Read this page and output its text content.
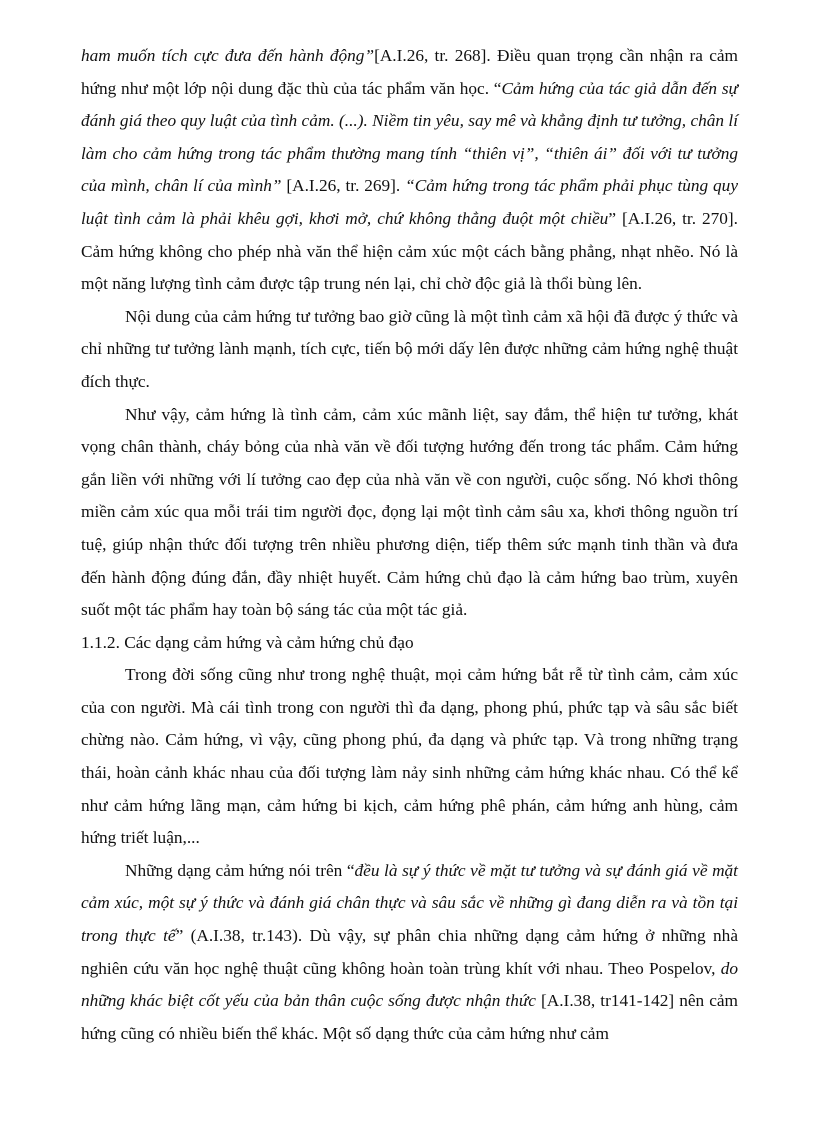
ham muốn tích cực đưa đến hành động”[A.I.26, tr. 268]. Điều quan trọng cần nhận ra cảm hứng như một lớp nội dung đặc thù của tác phẩm văn học. “Cảm hứng của tác giả dẫn đến sự đánh giá theo quy luật của tình cảm. (...). Niềm tin yêu, say mê và khẳng định tư tưởng, chân lí làm cho cảm hứng trong tác phẩm thường mang tính “thiên vị”, “thiên ái” đối với tư tưởng của mình, chân lí của mình” [A.I.26, tr. 269]. “Cảm hứng trong tác phẩm phải phục tùng quy luật tình cảm là phải khêu gợi, khơi mở, chứ không thẳng đuột một chiều” [A.I.26, tr. 270]. Cảm hứng không cho phép nhà văn thể hiện cảm xúc một cách bằng phẳng, nhạt nhẽo. Nó là một năng lượng tình cảm được tập trung nén lại, chỉ chờ độc giả là thổi bùng lên.

Nội dung của cảm hứng tư tưởng bao giờ cũng là một tình cảm xã hội đã được ý thức và chỉ những tư tưởng lành mạnh, tích cực, tiến bộ mới dấy lên được những cảm hứng nghệ thuật đích thực.

Như vậy, cảm hứng là tình cảm, cảm xúc mãnh liệt, say đắm, thể hiện tư tưởng, khát vọng chân thành, cháy bỏng của nhà văn về đối tượng hướng đến trong tác phẩm. Cảm hứng gắn liền với những với lí tưởng cao đẹp của nhà văn về con người, cuộc sống. Nó khơi thông miền cảm xúc qua mỗi trái tim người đọc, đọng lại một tình cảm sâu xa, khơi thông nguồn trí tuệ, giúp nhận thức đối tượng trên nhiều phương diện, tiếp thêm sức mạnh tinh thần và đưa đến hành động đúng đắn, đầy nhiệt huyết. Cảm hứng chủ đạo là cảm hứng bao trùm, xuyên suốt một tác phẩm hay toàn bộ sáng tác của một tác giả.

1.1.2. Các dạng cảm hứng và cảm hứng chủ đạo

Trong đời sống cũng như trong nghệ thuật, mọi cảm hứng bắt rễ từ tình cảm, cảm xúc của con người. Mà cái tình trong con người thì đa dạng, phong phú, phức tạp và sâu sắc biết chừng nào. Cảm hứng, vì vậy, cũng phong phú, đa dạng và phức tạp. Và trong những trạng thái, hoàn cảnh khác nhau của đối tượng làm nảy sinh những cảm hứng khác nhau. Có thể kể như cảm hứng lãng mạn, cảm hứng bi kịch, cảm hứng phê phán, cảm hứng anh hùng, cảm hứng triết luận,...

Những dạng cảm hứng nói trên “đều là sự ý thức về mặt tư tưởng và sự đánh giá về mặt cảm xúc, một sự ý thức và đánh giá chân thực và sâu sắc về những gì đang diễn ra và tồn tại trong thực tế” (A.I.38, tr.143). Dù vậy, sự phân chia những dạng cảm hứng ở những nhà nghiên cứu văn học nghệ thuật cũng không hoàn toàn trùng khít với nhau. Theo Pospelov, do những khác biệt cốt yếu của bản thân cuộc sống được nhận thức [A.I.38, tr141-142] nên cảm hứng cũng có nhiều biến thể khác. Một số dạng thức của cảm hứng như cảm
